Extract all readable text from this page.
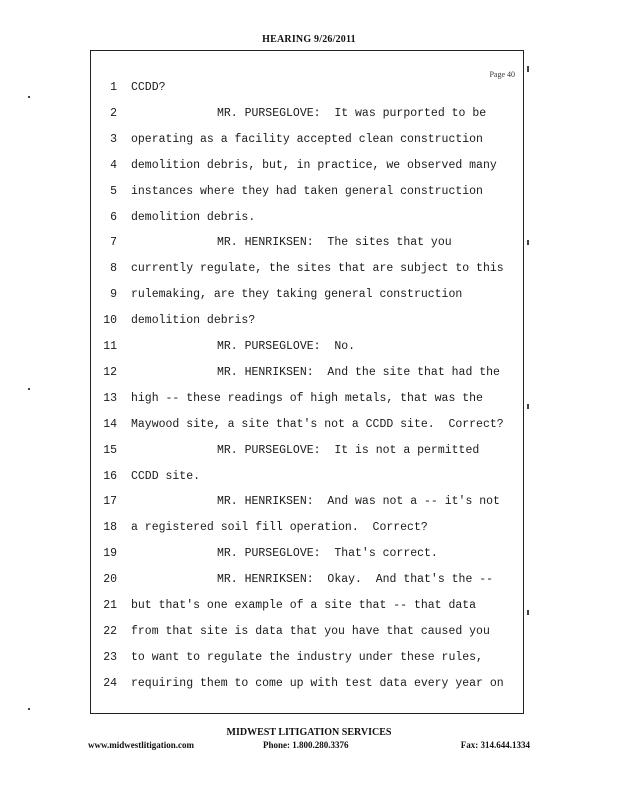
HEARING 9/26/2011
Page 40
1 CCDD?
2	MR. PURSEGLOVE:  It was purported to be
3 operating as a facility accepted clean construction
4 demolition debris, but, in practice, we observed many
5 instances where they had taken general construction
6 demolition debris.
7	MR. HENRIKSEN:  The sites that you
8 currently regulate, the sites that are subject to this
9 rulemaking, are they taking general construction
10 demolition debris?
11	MR. PURSEGLOVE:  No.
12	MR. HENRIKSEN:  And the site that had the
13 high -- these readings of high metals, that was the
14 Maywood site, a site that's not a CCDD site.  Correct?
15	MR. PURSEGLOVE:  It is not a permitted
16 CCDD site.
17	MR. HENRIKSEN:  And was not a -- it's not
18 a registered soil fill operation.  Correct?
19	MR. PURSEGLOVE:  That's correct.
20	MR. HENRIKSEN:  Okay.  And that's the --
21 but that's one example of a site that -- that data
22 from that site is data that you have that caused you
23 to want to regulate the industry under these rules,
24 requiring them to come up with test data every year on
MIDWEST LITIGATION SERVICES
www.midwestlitigation.com	Phone: 1.800.280.3376	Fax: 314.644.1334
